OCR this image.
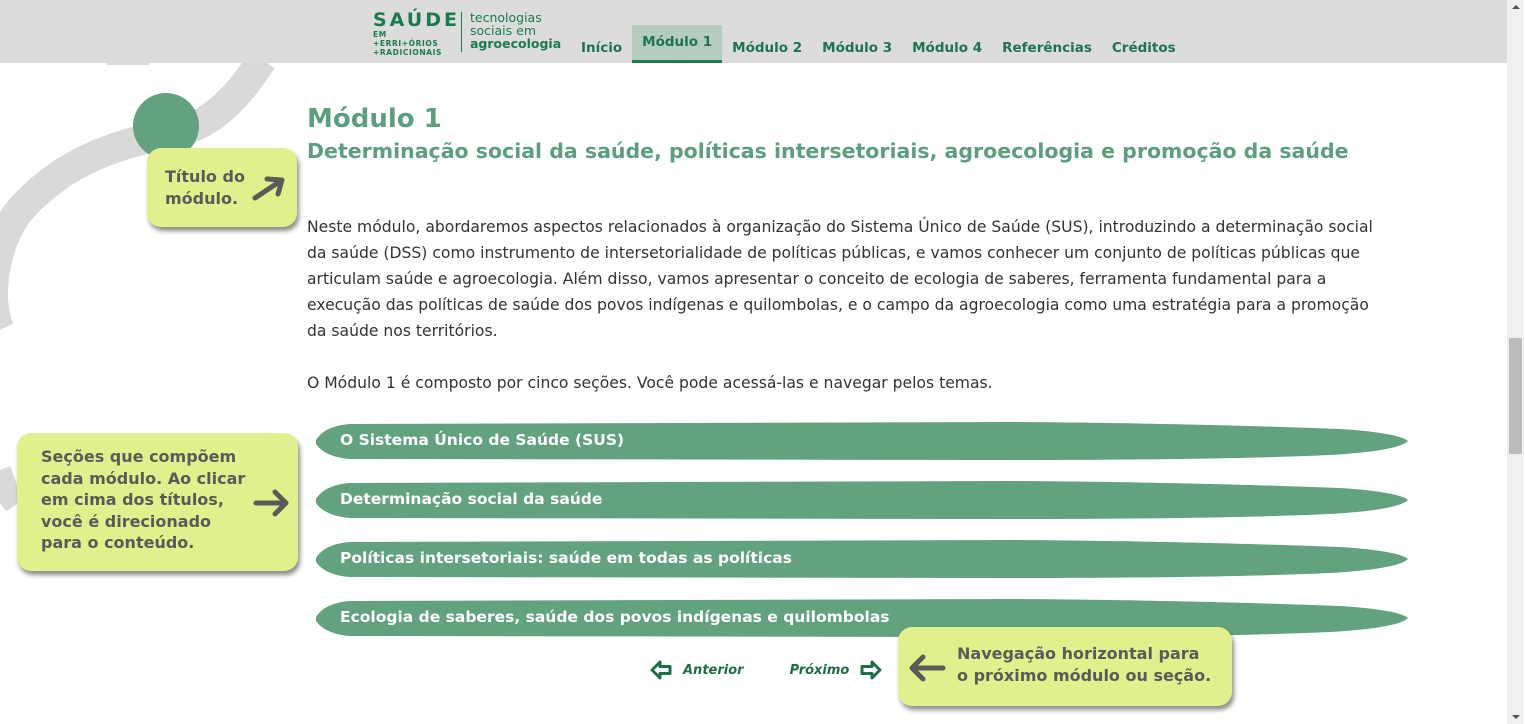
SAÚDE
EM +ERRI+ÓRIOS
+RADICIONAIS
tecnologias
sociais em
agroecologia Início Módulo 1 Módulo 2 Módulo 3 Módulo 4 Referências Créditos
Módulo 1
Determinação social da saúde, políticas intersetoriais, agroecologia e promoção da saúde
Neste módulo, abordaremos aspectos relacionados à organização do Sistema Único de Saúde (SUS), introduzindo a determinação social
da saúde (DSS) como instrumento de intersetorialidade de políticas públicas, e vamos conhecer um conjunto de políticas públicas que
articulam saúde e agroecologia. Além disso, vamos apresentar o conceito de ecologia de saberes, ferramenta fundamental para a
execução das políticas de saúde dos povos indígenas e quilombolas, e o campo da agroecologia como uma estratégia para a promoção
da saúde nos territórios.

O Módulo 1 é composto por cinco seções. Você pode acessá-las e navegar pelos temas.

O Sistema Único de Saúde (SUS)
Determinação social da saúde
Políticas intersetoriais: saúde em todas as políticas
Ecologia de saberes, saúde dos povos indígenas e quilombolas
Anterior	Próximo
Título do
módulo.
Seções que compõem
cada módulo. Ao clicar
em cima dos títulos,
você é direcionado
para o conteúdo.
Navegação horizontal para
o próximo módulo ou seção.
